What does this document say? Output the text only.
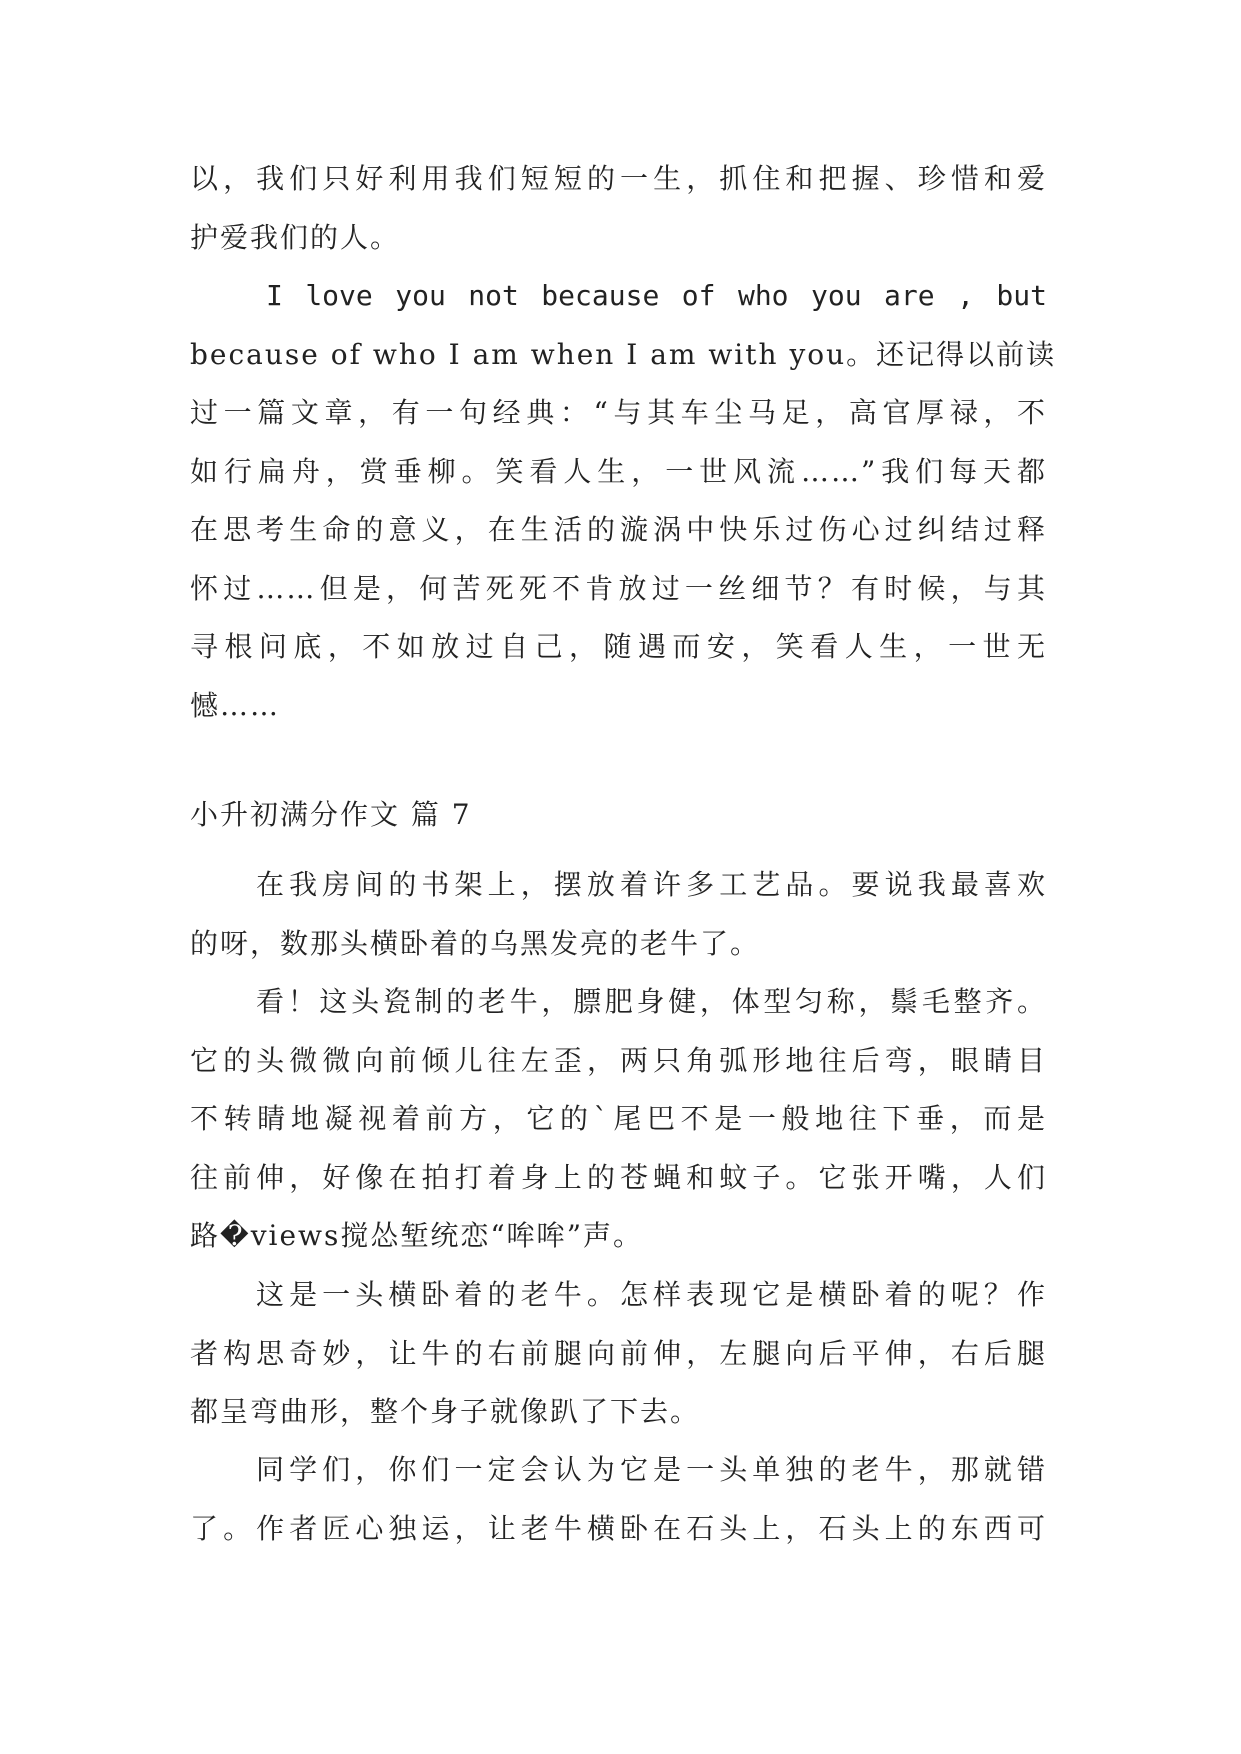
以，我们只好利用我们短短的一生，抓住和把握、珍惜和爱
护爱我们的人。
I love you not because of who you are , but
because of who I am when I am with you。还记得以前读
过一篇文章，有一句经典：“与其车尘马足，高官厚禄，不
如行扁舟，赏垂柳。笑看人生，一世风流……”我们每天都
在思考生命的意义，在生活的漩涡中快乐过伤心过纠结过释
怀过……但是，何苦死死不肯放过一丝细节？有时候，与其
寻根问底，不如放过自己，随遇而安，笑看人生，一世无
憾……
小升初满分作文 篇 7
在我房间的书架上，摆放着许多工艺品。要说我最喜欢
的呀，数那头横卧着的乌黑发亮的老牛了。
看！这头瓷制的老牛，膘肥身健，体型匀称，鬃毛整齐。
它的头微微向前倾儿往左歪，两只角弧形地往后弯，眼睛目
不转睛地凝视着前方，它的`尾巴不是一般地往下垂，而是
往前伸，好像在拍打着身上的苍蝇和蚊子。它张开嘴，人们
路�views搅怂堑统恋“哞哞”声。
这是一头横卧着的老牛。怎样表现它是横卧着的呢？作
者构思奇妙，让牛的右前腿向前伸，左腿向后平伸，右后腿
都呈弯曲形，整个身子就像趴了下去。
同学们，你们一定会认为它是一头单独的老牛，那就错
了。作者匠心独运，让老牛横卧在石头上，石头上的东西可
